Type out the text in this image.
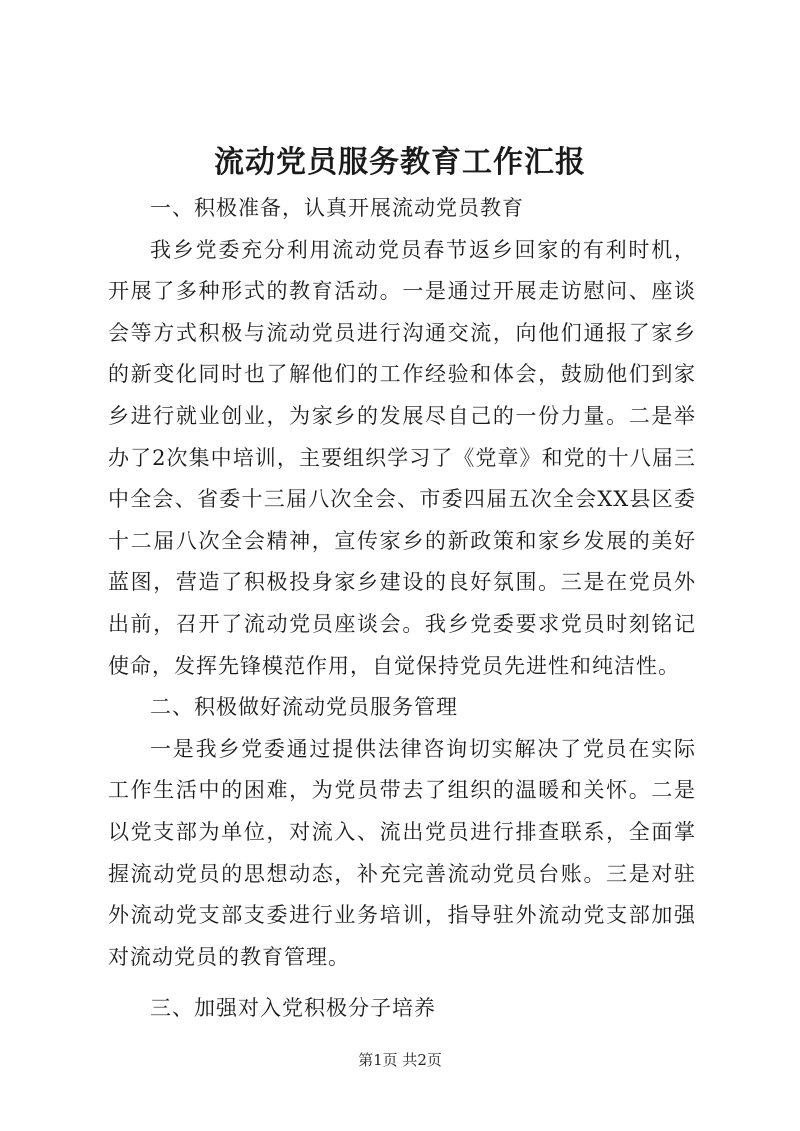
流动党员服务教育工作汇报

一、积极准备，认真开展流动党员教育

我乡党委充分利用流动党员春节返乡回家的有利时机，开展了多种形式的教育活动。一是通过开展走访慰问、座谈会等方式积极与流动党员进行沟通交流，向他们通报了家乡的新变化同时也了解他们的工作经验和体会，鼓励他们到家乡进行就业创业，为家乡的发展尽自己的一份力量。二是举办了2次集中培训，主要组织学习了《党章》和党的十八届三中全会、省委十三届八次全会、市委四届五次全会XX县区委十二届八次全会精神，宣传家乡的新政策和家乡发展的美好蓝图，营造了积极投身家乡建设的良好氛围。三是在党员外出前，召开了流动党员座谈会。我乡党委要求党员时刻铭记使命，发挥先锋模范作用，自觉保持党员先进性和纯洁性。

二、积极做好流动党员服务管理

一是我乡党委通过提供法律咨询切实解决了党员在实际工作生活中的困难，为党员带去了组织的温暖和关怀。二是以党支部为单位，对流入、流出党员进行排查联系，全面掌握流动党员的思想动态，补充完善流动党员台账。三是对驻外流动党支部支委进行业务培训，指导驻外流动党支部加强对流动党员的教育管理。

三、加强对入党积极分子培养

第1页 共2页
